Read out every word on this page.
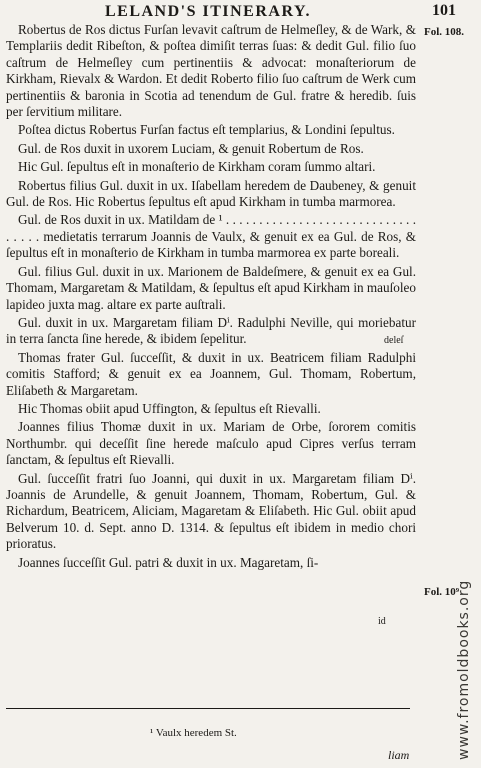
LELAND'S ITINERARY.	101
Fol. 108.
Fol. 10⁹

Robertus de Ros dictus Furſan levavit caſtrum de Helmeſley, & de Wark, & Templariis dedit Ribeſton, & poſtea dimiſit terras ſuas: & dedit Gul. filio ſuo caſtrum de Helmeſley cum pertinentiis & advocat: monaſteriorum de Kirkham, Rievalx & Wardon. Et dedit Roberto filio ſuo caſtrum de Werk cum pertinentiis & baronia in Scotia ad tenendum de Gul. fratre & heredib. ſuis per ſervitium militare.

Poſtea dictus Robertus Furſan factus eſt templarius, & Londini ſepultus.

Gul. de Ros duxit in uxorem Luciam, & genuit Robertum de Ros.

Hic Gul. ſepultus eſt in monaſterio de Kirkham coram ſummo altari.

Robertus filius Gul. duxit in ux. Iſabellam heredem de Daubeney, & genuit Gul. de Ros. Hic Robertus ſepultus eſt apud Kirkham in tumba marmorea.

Gul. de Ros duxit in ux. Matildam de ¹ . . . . . . . . . . . . . . . . . . . . . . . . . . . . . . . . . . medietatis terrarum Joannis de Vaulx, & genuit ex ea Gul. de Ros, & ſepultus eſt in monaſterio de Kirkham in tumba marmorea ex parte boreali.

Gul. filius Gul. duxit in ux. Marionem de Baldeſmere, & genuit ex ea Gul. Thomam, Margaretam & Matildam, & ſepultus eſt apud Kirkham in mauſoleo lapideo juxta mag. altare ex parte auſtrali.

Gul. duxit in ux. Margaretam filiam Dⁱ. Radulphi Neville, qui moriebatur in terra ſancta ſine herede, & ibidem ſepelitur.

Thomas frater Gul. ſucceſſit, & duxit in ux. Beatricem filiam Radulphi comitis Stafford; & genuit ex ea Joannem, Gul. Thomam, Robertum, Eliſabeth & Margaretam.

Hic Thomas obiit apud Uffington, & ſepultus eſt Rievalli.

Joannes filius Thomæ duxit in ux. Mariam de Orbe, ſororem comitis Northumbr. qui deceſſit ſine herede maſculo apud Cipres verſus terram ſanctam, & ſepultus eſt Rievalli.

Gul. ſucceſſit fratri ſuo Joanni, qui duxit in ux. Margaretam filiam Dⁱ. Joannis de Arundelle, & genuit Joannem, Thomam, Robertum, Gul. & Richardum, Beatricem, Aliciam, Magaretam & Eliſabeth. Hic Gul. obiit apud Belverum 10. d. Sept. anno D. 1314. & ſepultus eſt ibidem in medio chori prioratus.

Joannes ſucceſſit Gul. patri & duxit in ux. Magaretam, ſi-

deleſ
id
¹ Vaulx heredem St.
liam	www.fromoldbooks.org
